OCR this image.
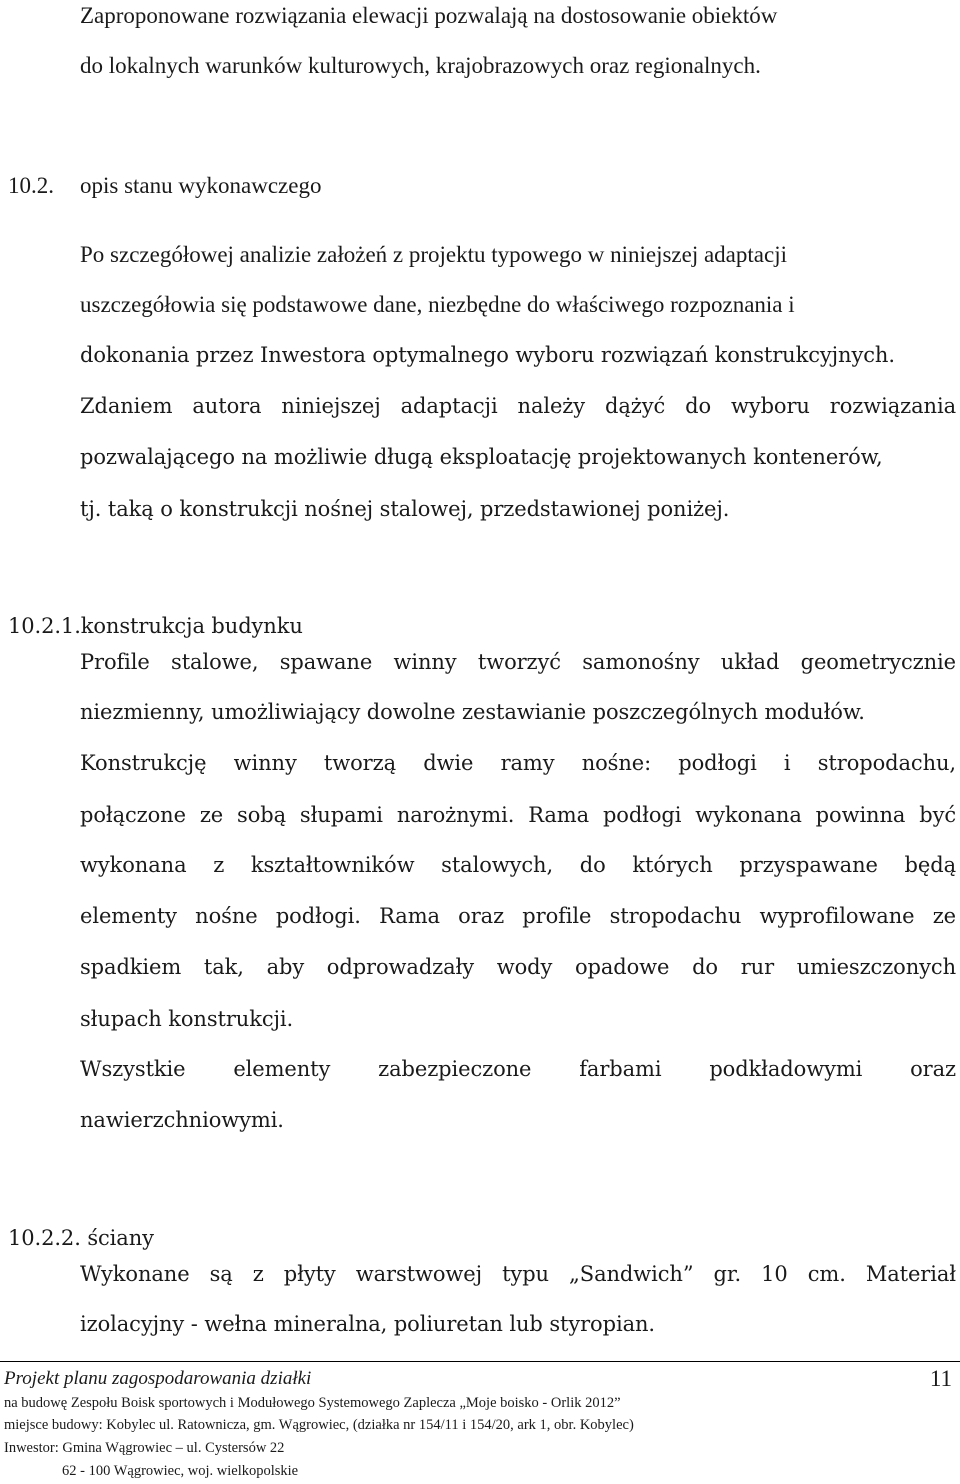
Zaproponowane rozwiązania elewacji pozwalają na dostosowanie obiektów
do lokalnych warunków kulturowych, krajobrazowych oraz regionalnych.
10.2. opis stanu wykonawczego
Po szczegółowej analizie założeń z projektu typowego w niniejszej adaptacji
uszczegółowia się podstawowe dane, niezbędne do właściwego rozpoznania i
dokonania przez Inwestora optymalnego wyboru rozwiązań konstrukcyjnych.
Zdaniem autora niniejszej adaptacji należy dążyć do wyboru rozwiązania
pozwalającego na możliwie długą eksploatację projektowanych kontenerów,
tj. taką o konstrukcji nośnej stalowej, przedstawionej poniżej.
10.2.1.konstrukcja budynku
Profile stalowe, spawane winny tworzyć samonośny układ geometrycznie
niezmienny, umożliwiający dowolne zestawianie poszczególnych modułów.
Konstrukcję winny tworzą dwie ramy nośne: podłogi i stropodachu,
połączone ze sobą słupami narożnymi. Rama podłogi wykonana powinna być
wykonana z kształtowników stalowych, do których przyspawane będą
elementy nośne podłogi. Rama oraz profile stropodachu wyprofilowane ze
spadkiem tak, aby odprowadzały wody opadowe do rur umieszczonych
słupach konstrukcji.
Wszystkie elementy zabezpieczone farbami podkładowymi oraz
nawierzchniowymi.
10.2.2. ściany
Wykonane są z płyty warstwowej typu „Sandwich” gr. 10 cm. Materiał
izolacyjny - wełna mineralna, poliuretan lub styropian.
Projekt planu zagospodarowania działki	11
na budowę Zespołu Boisk sportowych i Modułowego Systemowego Zaplecza „Moje boisko - Orlik 2012”
miejsce budowy: Kobylec ul. Ratownicza, gm. Wągrowiec, (działka nr 154/11 i 154/20, ark 1, obr. Kobylec)
Inwestor: Gmina Wągrowiec – ul. Cystersów 22
62 - 100 Wągrowiec, woj. wielkopolskie
